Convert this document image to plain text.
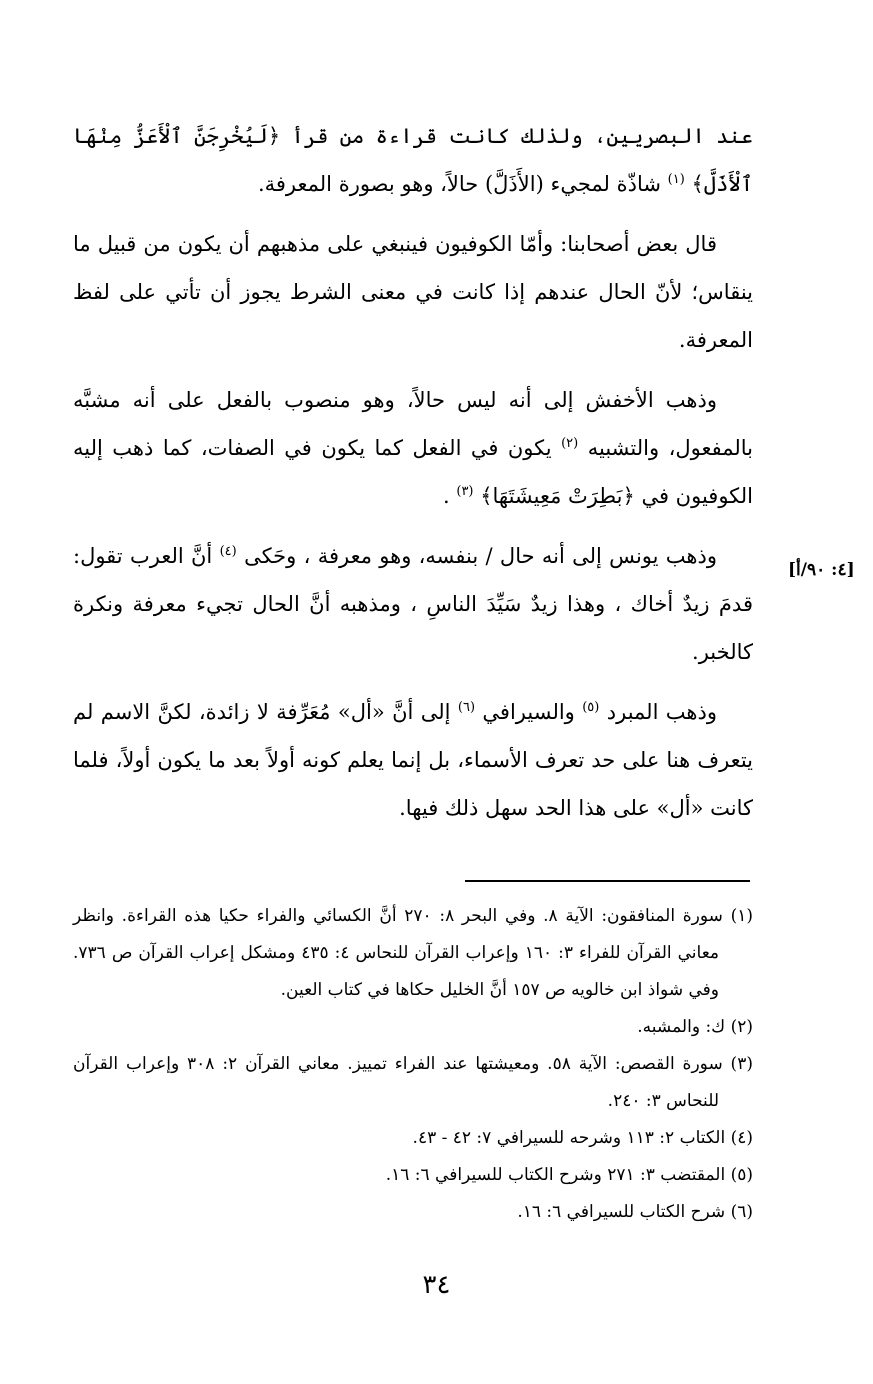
عند البصريين، ولذلك كانت قراءة من قرأ ﴿لَيُخْرِجَنَّ ٱلْأَعَزُّ مِنْهَا ٱلْأَذَلَّ﴾ $^{(١)}$ شاذّة لمجيء (الأَذَلَّ) حالاً، وهو بصورة المعرفة.

قال بعض أصحابنا: وأمّا الكوفيون فينبغي على مذهبهم أن يكون من قبيل ما ينقاس؛ لأنّ الحال عندهم إذا كانت في معنى الشرط يجوز أن تأتي على لفظ المعرفة.

وذهب الأخفش إلى أنه ليس حالاً، وهو منصوب بالفعل على أنه مشبَّه بالمفعول، والتشبيه $^{(٢)}$ يكون في الفعل كما يكون في الصفات، كما ذهب إليه الكوفيون في ﴿بَطِرَتْ مَعِيشَتَهَا﴾ $^{(٣)}$ .

وذهب يونس إلى أنه حال / بنفسه، وهو معرفة ، وحَكى $^{(٤)}$ أنَّ العرب تقول: قدمَ زيدٌ أخاك ، وهذا زيدٌ سَيِّدَ الناسِ ، ومذهبه أنَّ الحال تجيء معرفة ونكرة كالخبر.

وذهب المبرد $^{(٥)}$ والسيرافي $^{(٦)}$ إلى أنَّ «أل» مُعَرِّفة لا زائدة، لكنَّ الاسم لم يتعرف هنا على حد تعرف الأسماء، بل إنما يعلم كونه أولاً بعد ما يكون أولاً، فلما كانت «أل» على هذا الحد سهل ذلك فيها.

[٤: ٩٠/أ]

(١) سورة المنافقون: الآية ٨. وفي البحر ٨: ٢٧٠ أنَّ الكسائي والفراء حكيا هذه القراءة. وانظر معاني القرآن للفراء ٣: ١٦٠ وإعراب القرآن للنحاس ٤: ٤٣٥ ومشكل إعراب القرآن ص ٧٣٦. وفي شواذ ابن خالويه ص ١٥٧ أنَّ الخليل حكاها في كتاب العين.

(٢) ك: والمشبه.

(٣) سورة القصص: الآية ٥٨. ومعيشتها عند الفراء تمييز. معاني القرآن ٢: ٣٠٨ وإعراب القرآن للنحاس ٣: ٢٤٠.

(٤) الكتاب ٢: ١١٣ وشرحه للسيرافي ٧: ٤٢ - ٤٣.

(٥) المقتضب ٣: ٢٧١ وشرح الكتاب للسيرافي ٦: ١٦.

(٦) شرح الكتاب للسيرافي ٦: ١٦.

٣٤
